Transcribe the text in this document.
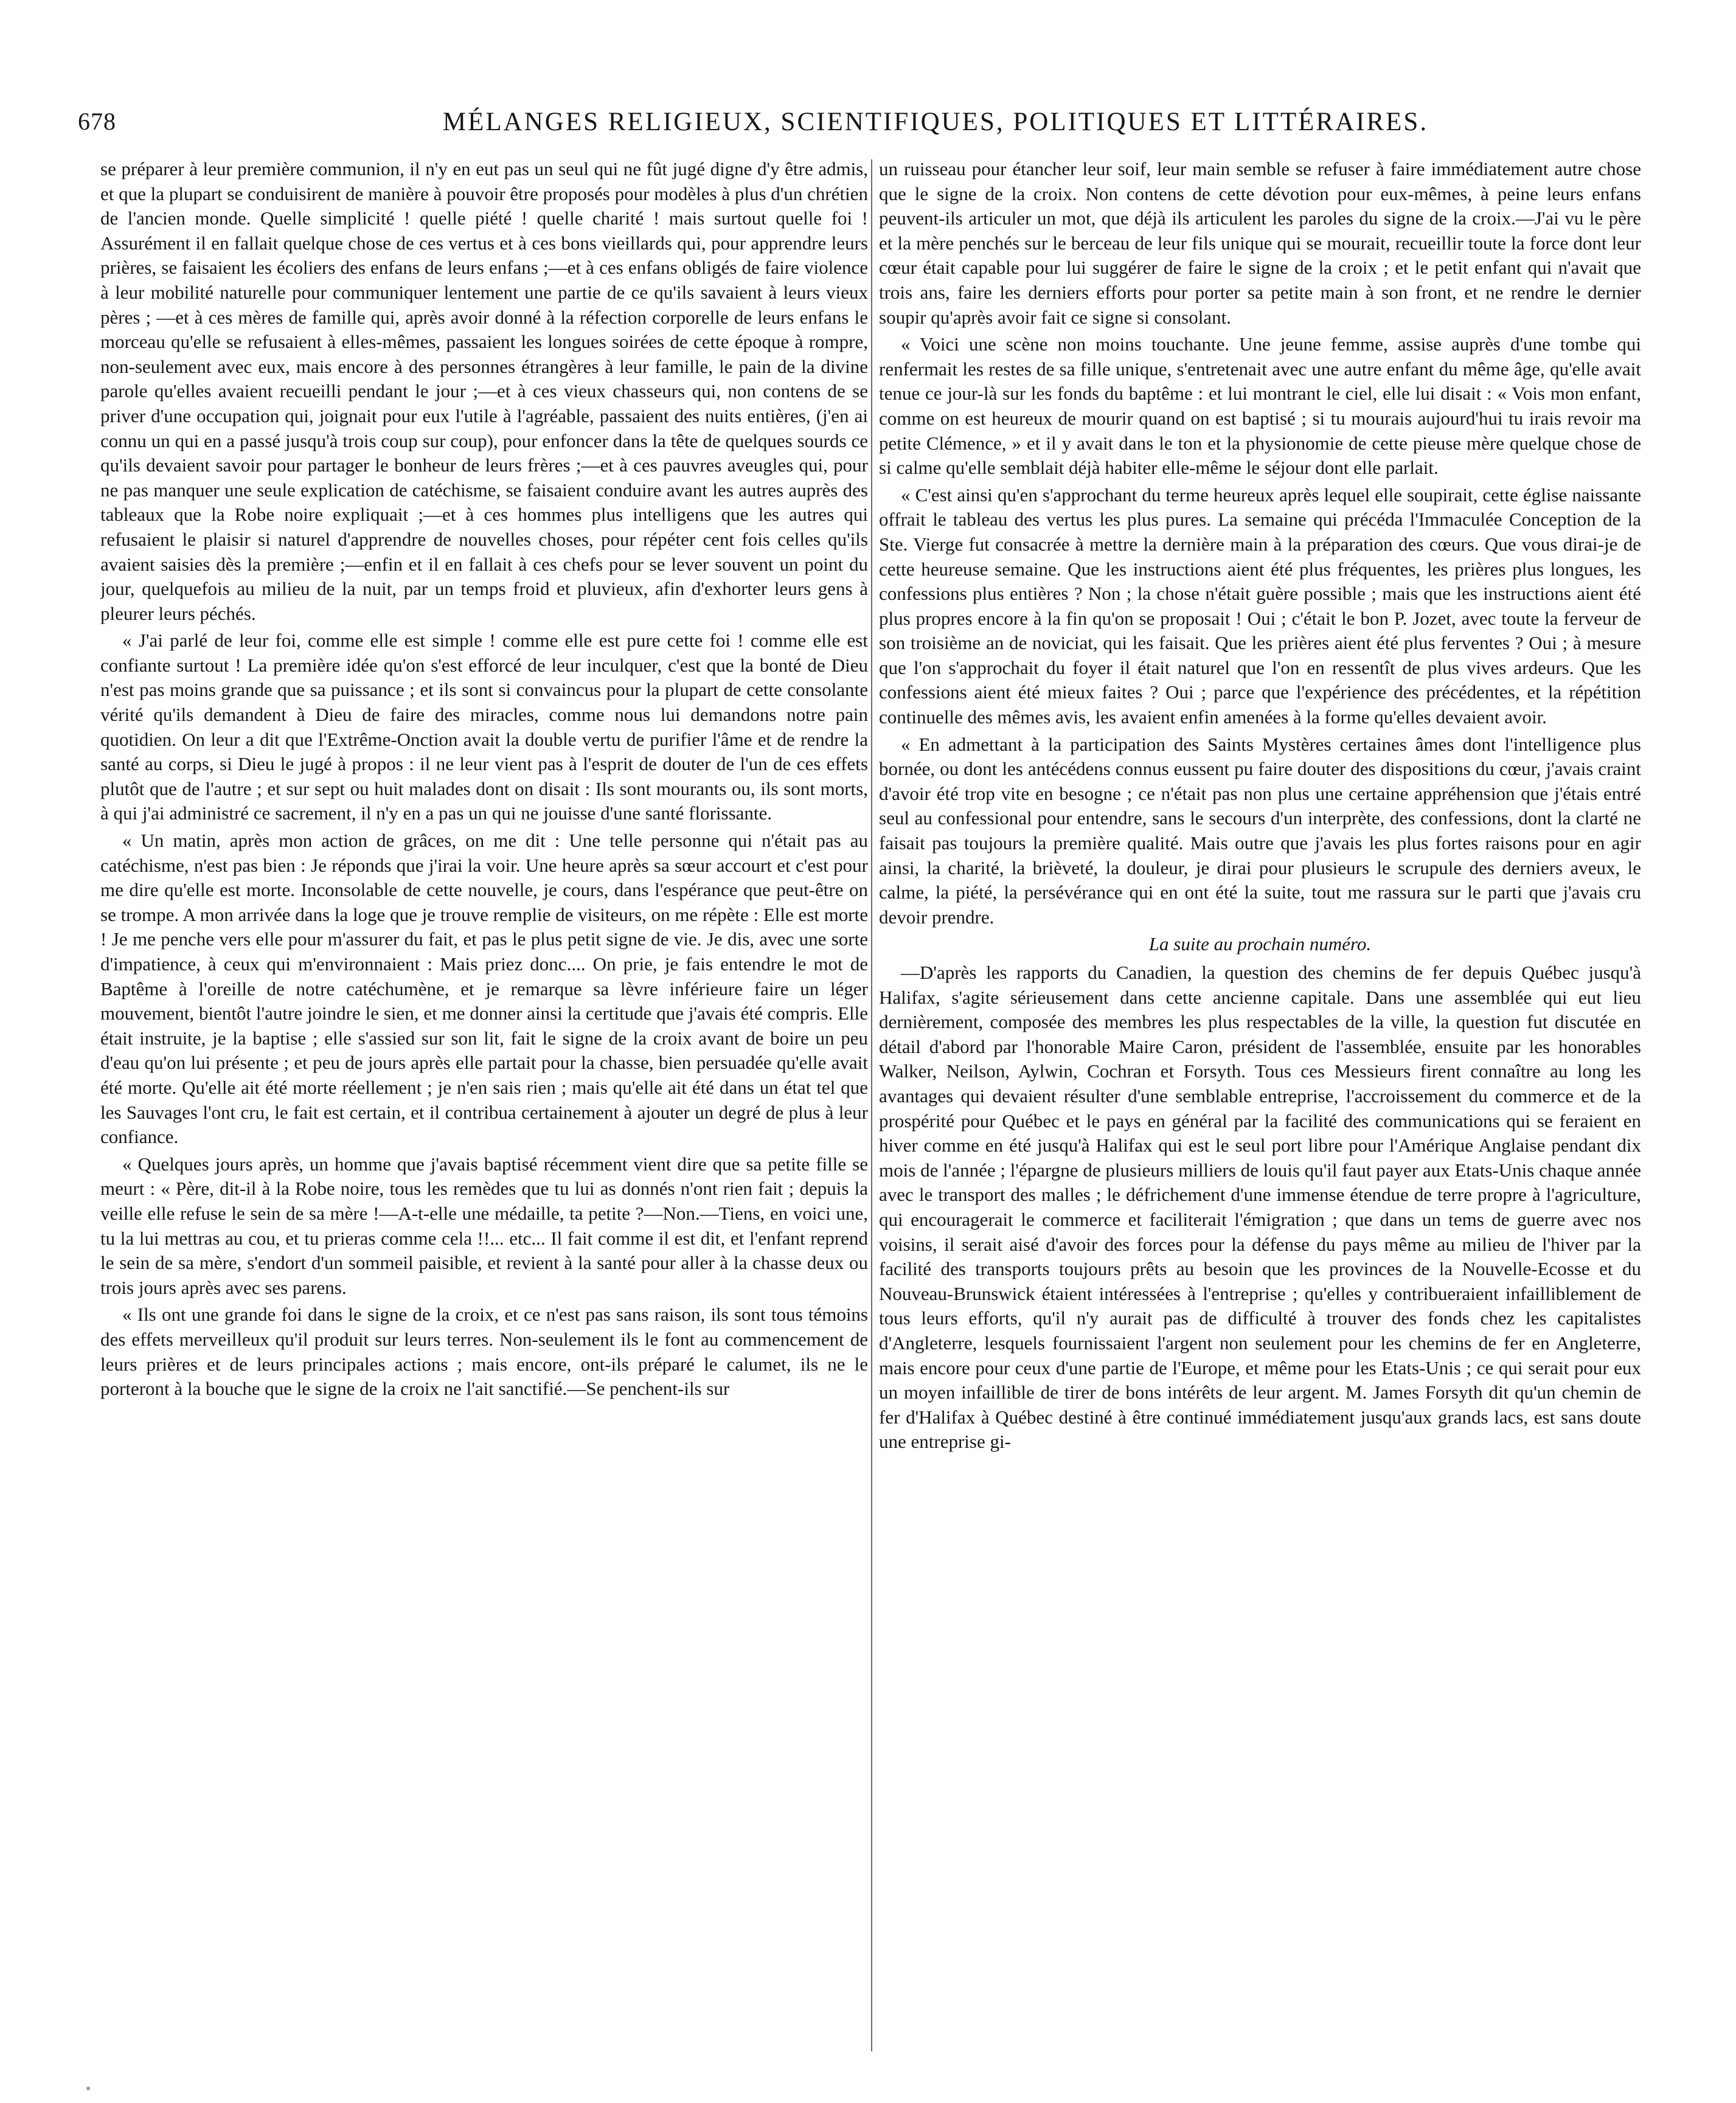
678	MÉLANGES RELIGIEUX, SCIENTIFIQUES, POLITIQUES ET LITTÉRAIRES.

se préparer à leur première communion, il n'y en eut pas un seul qui ne fût jugé digne d'y être admis, et que la plupart se conduisirent de manière à pouvoir être proposés pour modèles à plus d'un chrétien de l'ancien monde. Quelle simplicité ! quelle piété ! quelle charité ! mais surtout quelle foi ! Assurément il en fallait quelque chose de ces vertus et à ces bons vieillards qui, pour apprendre leurs prières, se faisaient les écoliers des enfans de leurs enfans ;—et à ces enfans obligés de faire violence à leur mobilité naturelle pour communiquer lentement une partie de ce qu'ils savaient à leurs vieux pères ; —et à ces mères de famille qui, après avoir donné à la réfection corporelle de leurs enfans le morceau qu'elle se refusaient à elles-mêmes, passaient les longues soirées de cette époque à rompre, non-seulement avec eux, mais encore à des personnes étrangères à leur famille, le pain de la divine parole qu'elles avaient recueilli pendant le jour ;—et à ces vieux chasseurs qui, non contens de se priver d'une occupation qui, joignait pour eux l'utile à l'agréable, passaient des nuits entières, (j'en ai connu un qui en a passé jusqu'à trois coup sur coup), pour enfoncer dans la tête de quelques sourds ce qu'ils devaient savoir pour partager le bonheur de leurs frères ;—et à ces pauvres aveugles qui, pour ne pas manquer une seule explication de catéchisme, se faisaient conduire avant les autres auprès des tableaux que la Robe noire expliquait ;—et à ces hommes plus intelligens que les autres qui refusaient le plaisir si naturel d'apprendre de nouvelles choses, pour répéter cent fois celles qu'ils avaient saisies dès la première ;—enfin et il en fallait à ces chefs pour se lever souvent un point du jour, quelquefois au milieu de la nuit, par un temps froid et pluvieux, afin d'exhorter leurs gens à pleurer leurs péchés.

« J'ai parlé de leur foi, comme elle est simple ! comme elle est pure cette foi ! comme elle est confiante surtout ! La première idée qu'on s'est efforcé de leur inculquer, c'est que la bonté de Dieu n'est pas moins grande que sa puissance ; et ils sont si convaincus pour la plupart de cette consolante vérité qu'ils demandent à Dieu de faire des miracles, comme nous lui demandons notre pain quotidien. On leur a dit que l'Extrême-Onction avait la double vertu de purifier l'âme et de rendre la santé au corps, si Dieu le jugé à propos : il ne leur vient pas à l'esprit de douter de l'un de ces effets plutôt que de l'autre ; et sur sept ou huit malades dont on disait : Ils sont mourants ou, ils sont morts, à qui j'ai administré ce sacrement, il n'y en a pas un qui ne jouisse d'une santé florissante.

« Un matin, après mon action de grâces, on me dit : Une telle personne qui n'était pas au catéchisme, n'est pas bien : Je réponds que j'irai la voir. Une heure après sa sœur accourt et c'est pour me dire qu'elle est morte. Inconsolable de cette nouvelle, je cours, dans l'espérance que peut-être on se trompe. A mon arrivée dans la loge que je trouve remplie de visiteurs, on me répète : Elle est morte ! Je me penche vers elle pour m'assurer du fait, et pas le plus petit signe de vie. Je dis, avec une sorte d'impatience, à ceux qui m'environnaient : Mais priez donc.... On prie, je fais entendre le mot de Baptême à l'oreille de notre catéchumène, et je remarque sa lèvre inférieure faire un léger mouvement, bientôt l'autre joindre le sien, et me donner ainsi la certitude que j'avais été compris. Elle était instruite, je la baptise ; elle s'assied sur son lit, fait le signe de la croix avant de boire un peu d'eau qu'on lui présente ; et peu de jours après elle partait pour la chasse, bien persuadée qu'elle avait été morte. Qu'elle ait été morte réellement ; je n'en sais rien ; mais qu'elle ait été dans un état tel que les Sauvages l'ont cru, le fait est certain, et il contribua certainement à ajouter un degré de plus à leur confiance.

« Quelques jours après, un homme que j'avais baptisé récemment vient dire que sa petite fille se meurt : « Père, dit-il à la Robe noire, tous les remèdes que tu lui as donnés n'ont rien fait ; depuis la veille elle refuse le sein de sa mère !—A-t-elle une médaille, ta petite ?—Non.—Tiens, en voici une, tu la lui mettras au cou, et tu prieras comme cela !!... etc... Il fait comme il est dit, et l'enfant reprend le sein de sa mère, s'endort d'un sommeil paisible, et revient à la santé pour aller à la chasse deux ou trois jours après avec ses parens.

« Ils ont une grande foi dans le signe de la croix, et ce n'est pas sans raison, ils sont tous témoins des effets merveilleux qu'il produit sur leurs terres. Non-seulement ils le font au commencement de leurs prières et de leurs principales actions ; mais encore, ont-ils préparé le calumet, ils ne le porteront à la bouche que le signe de la croix ne l'ait sanctifié.—Se penchent-ils sur

un ruisseau pour étancher leur soif, leur main semble se refuser à faire immédiatement autre chose que le signe de la croix. Non contens de cette dévotion pour eux-mêmes, à peine leurs enfans peuvent-ils articuler un mot, que déjà ils articulent les paroles du signe de la croix.—J'ai vu le père et la mère penchés sur le berceau de leur fils unique qui se mourait, recueillir toute la force dont leur cœur était capable pour lui suggérer de faire le signe de la croix ; et le petit enfant qui n'avait que trois ans, faire les derniers efforts pour porter sa petite main à son front, et ne rendre le dernier soupir qu'après avoir fait ce signe si consolant.

« Voici une scène non moins touchante. Une jeune femme, assise auprès d'une tombe qui renfermait les restes de sa fille unique, s'entretenait avec une autre enfant du même âge, qu'elle avait tenue ce jour-là sur les fonds du baptême : et lui montrant le ciel, elle lui disait : « Vois mon enfant, comme on est heureux de mourir quand on est baptisé ; si tu mourais aujourd'hui tu irais revoir ma petite Clémence, » et il y avait dans le ton et la physionomie de cette pieuse mère quelque chose de si calme qu'elle semblait déjà habiter elle-même le séjour dont elle parlait.

« C'est ainsi qu'en s'approchant du terme heureux après lequel elle soupirait, cette église naissante offrait le tableau des vertus les plus pures. La semaine qui précéda l'Immaculée Conception de la Ste. Vierge fut consacrée à mettre la dernière main à la préparation des cœurs. Que vous dirai-je de cette heureuse semaine. Que les instructions aient été plus fréquentes, les prières plus longues, les confessions plus entières ? Non ; la chose n'était guère possible ; mais que les instructions aient été plus propres encore à la fin qu'on se proposait ! Oui ; c'était le bon P. Jozet, avec toute la ferveur de son troisième an de noviciat, qui les faisait. Que les prières aient été plus ferventes ? Oui ; à mesure que l'on s'approchait du foyer il était naturel que l'on en ressentît de plus vives ardeurs. Que les confessions aient été mieux faites ? Oui ; parce que l'expérience des précédentes, et la répétition continuelle des mêmes avis, les avaient enfin amenées à la forme qu'elles devaient avoir.

« En admettant à la participation des Saints Mystères certaines âmes dont l'intelligence plus bornée, ou dont les antécédens connus eussent pu faire douter des dispositions du cœur, j'avais craint d'avoir été trop vite en besogne ; ce n'était pas non plus une certaine appréhension que j'étais entré seul au confessional pour entendre, sans le secours d'un interprète, des confessions, dont la clarté ne faisait pas toujours la première qualité. Mais outre que j'avais les plus fortes raisons pour en agir ainsi, la charité, la brièveté, la douleur, je dirai pour plusieurs le scrupule des derniers aveux, le calme, la piété, la persévérance qui en ont été la suite, tout me rassura sur le parti que j'avais cru devoir prendre.

La suite au prochain numéro.

—D'après les rapports du Canadien, la question des chemins de fer depuis Québec jusqu'à Halifax, s'agite sérieusement dans cette ancienne capitale. Dans une assemblée qui eut lieu dernièrement, composée des membres les plus respectables de la ville, la question fut discutée en détail d'abord par l'honorable Maire Caron, président de l'assemblée, ensuite par les honorables Walker, Neilson, Aylwin, Cochran et Forsyth. Tous ces Messieurs firent connaître au long les avantages qui devaient résulter d'une semblable entreprise, l'accroissement du commerce et de la prospérité pour Québec et le pays en général par la facilité des communications qui se feraient en hiver comme en été jusqu'à Halifax qui est le seul port libre pour l'Amérique Anglaise pendant dix mois de l'année ; l'épargne de plusieurs milliers de louis qu'il faut payer aux Etats-Unis chaque année avec le transport des malles ; le défrichement d'une immense étendue de terre propre à l'agriculture, qui encouragerait le commerce et faciliterait l'émigration ; que dans un tems de guerre avec nos voisins, il serait aisé d'avoir des forces pour la défense du pays même au milieu de l'hiver par la facilité des transports toujours prêts au besoin que les provinces de la Nouvelle-Ecosse et du Nouveau-Brunswick étaient intéressées à l'entreprise ; qu'elles y contribueraient infailliblement de tous leurs efforts, qu'il n'y aurait pas de difficulté à trouver des fonds chez les capitalistes d'Angleterre, lesquels fournissaient l'argent non seulement pour les chemins de fer en Angleterre, mais encore pour ceux d'une partie de l'Europe, et même pour les Etats-Unis ; ce qui serait pour eux un moyen infaillible de tirer de bons intérêts de leur argent. M. James Forsyth dit qu'un chemin de fer d'Halifax à Québec destiné à être continué immédiatement jusqu'aux grands lacs, est sans doute une entreprise gi-
